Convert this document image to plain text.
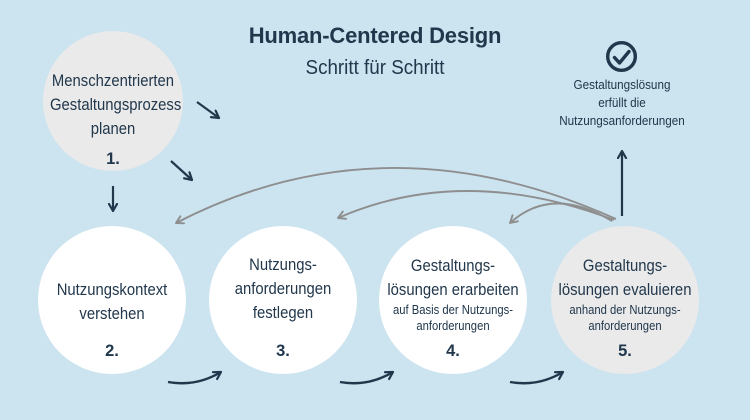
Human-Centered Design
Schritt für Schritt
Menschzentrierten
Gestaltungsprozess
planen
1.
Nutzungskontext
verstehen
2.
Nutzungs-
anforderungen
festlegen
3.
Gestaltungs-
lösungen erarbeiten
auf Basis der Nutzungs-
anforderungen
4.
Gestaltungs-
lösungen evaluieren
anhand der Nutzungs-
anforderungen
5.
Gestaltungslösung
erfüllt die
Nutzungsanforderungen
